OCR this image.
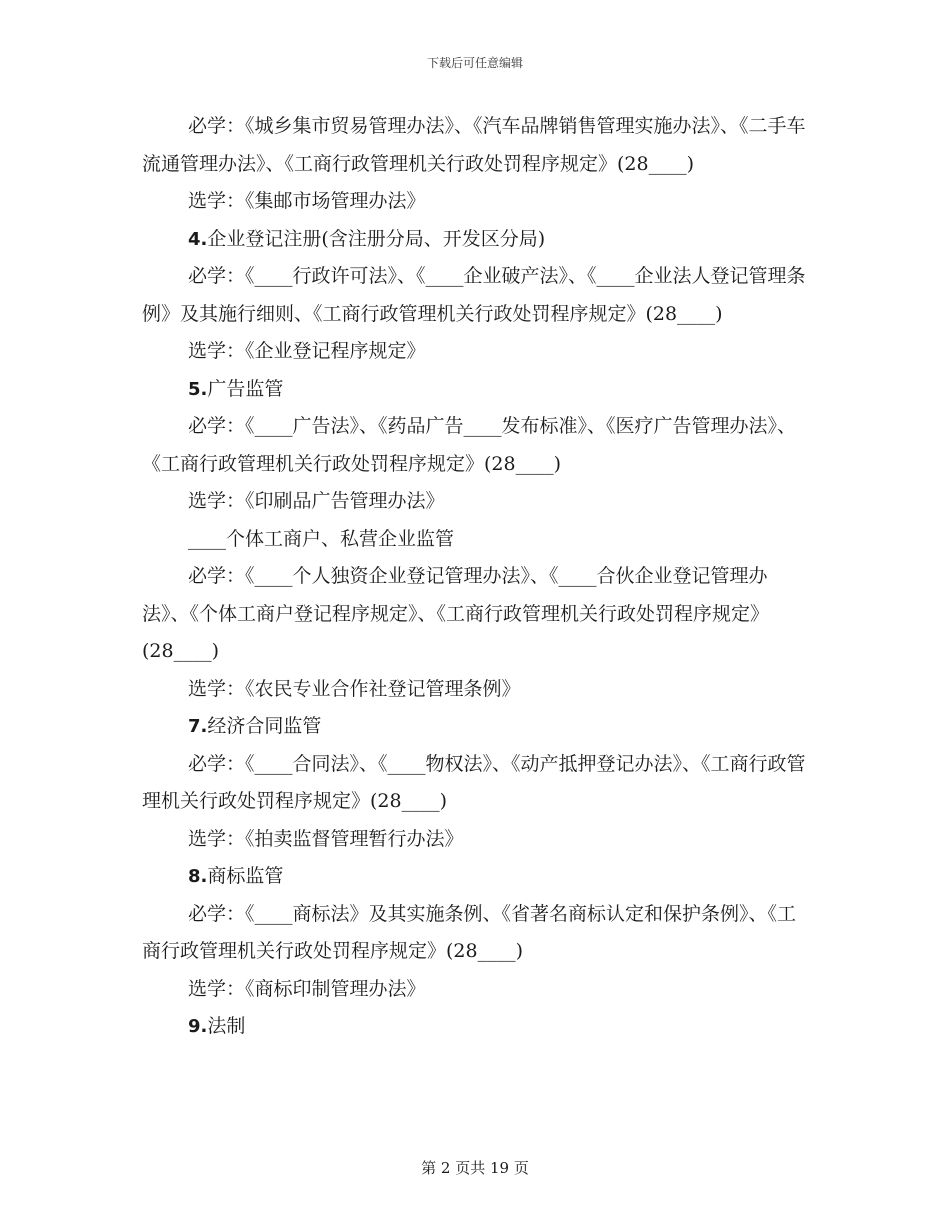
下载后可任意编辑

必学：《城乡集市贸易管理办法》、《汽车品牌销售管理实施办法》、《二手车流通管理办法》、《工商行政管理机关行政处罚程序规定》(28____)

选学：《集邮市场管理办法》

4.企业登记注册(含注册分局、开发区分局)

必学：《____行政许可法》、《____企业破产法》、《____企业法人登记管理条例》及其施行细则、《工商行政管理机关行政处罚程序规定》(28____)

选学：《企业登记程序规定》

5.广告监管

必学：《____广告法》、《药品广告____发布标准》、《医疗广告管理办法》、《工商行政管理机关行政处罚程序规定》(28____)

选学：《印刷品广告管理办法》

____个体工商户、私营企业监管

必学：《____个人独资企业登记管理办法》、《____合伙企业登记管理办法》、《个体工商户登记程序规定》、《工商行政管理机关行政处罚程序规定》(28____)

选学：《农民专业合作社登记管理条例》

7.经济合同监管

必学：《____合同法》、《____物权法》、《动产抵押登记办法》、《工商行政管理机关行政处罚程序规定》(28____)

选学：《拍卖监督管理暂行办法》

8.商标监管

必学：《____商标法》及其实施条例、《省著名商标认定和保护条例》、《工商行政管理机关行政处罚程序规定》(28____)

选学：《商标印制管理办法》

9.法制

第 2 页共 19 页
